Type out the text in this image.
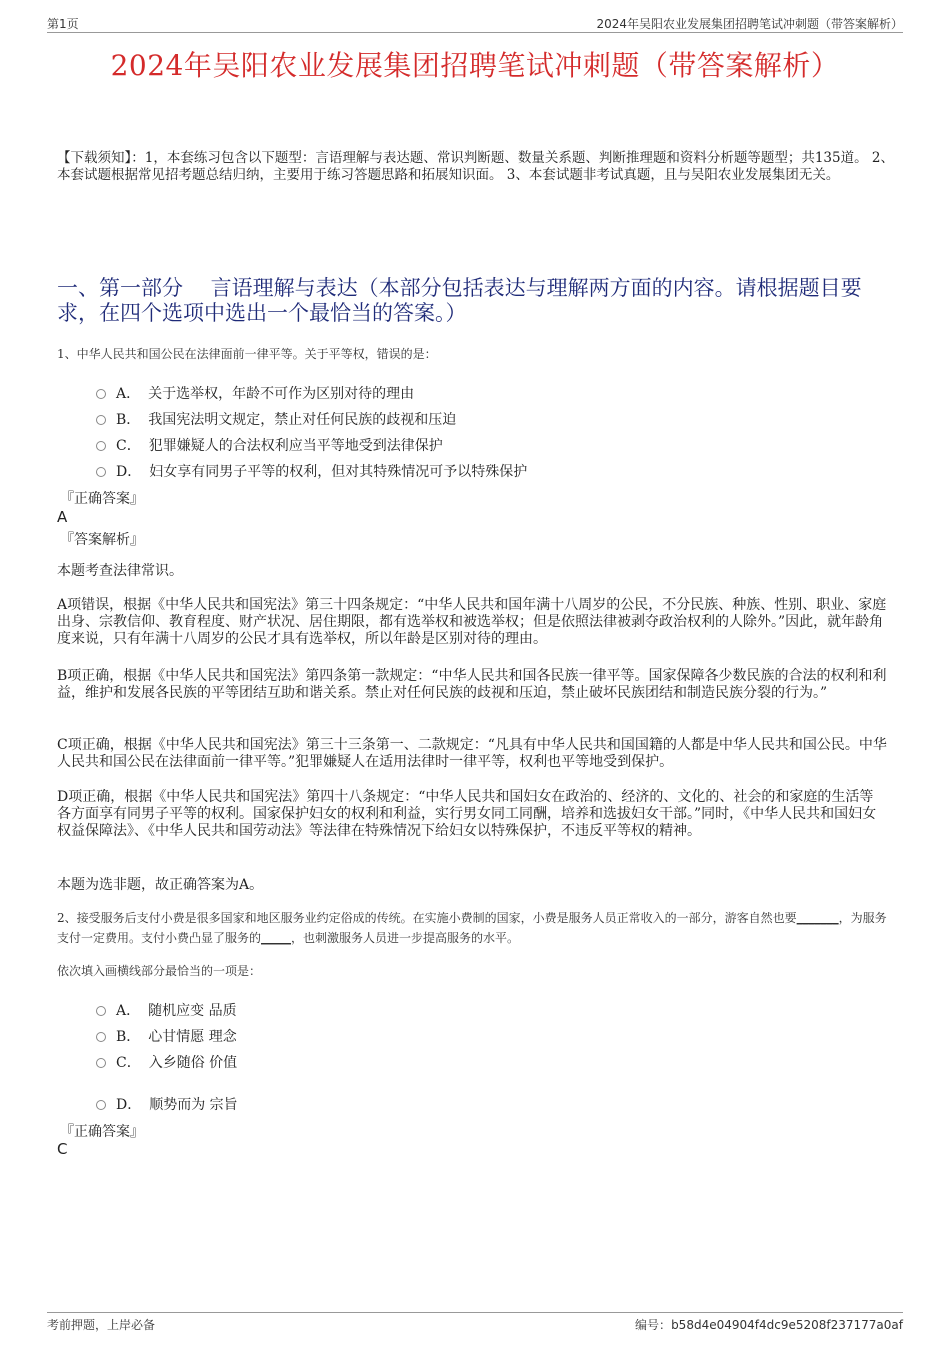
第1页	2024年吴阳农业发展集团招聘笔试冲刺题（带答案解析）
2024年吴阳农业发展集团招聘笔试冲刺题（带答案解析）
【下载须知】：1，本套练习包含以下题型：言语理解与表达题、常识判断题、数量关系题、判断推理题和资料分析题等题型；共135道。 2、本套试题根据常见招考题总结归纳，主要用于练习答题思路和拓展知识面。 3、本套试题非考试真题，且与吴阳农业发展集团无关。
一、第一部分　 言语理解与表达（本部分包括表达与理解两方面的内容。请根据题目要求，在四个选项中选出一个最恰当的答案。）
1、中华人民共和国公民在法律面前一律平等。关于平等权，错误的是：
A． 关于选举权，年龄不可作为区别对待的理由
B． 我国宪法明文规定，禁止对任何民族的歧视和压迫
C． 犯罪嫌疑人的合法权利应当平等地受到法律保护
D． 妇女享有同男子平等的权利，但对其特殊情况可予以特殊保护
『正确答案』
A
『答案解析』
本题考查法律常识。
A项错误，根据《中华人民共和国宪法》第三十四条规定：“中华人民共和国年满十八周岁的公民，不分民族、种族、性别、职业、家庭出身、宗教信仰、教育程度、财产状况、居住期限，都有选举权和被选举权；但是依照法律被剥夺政治权利的人除外。”因此，就年龄角度来说，只有年满十八周岁的公民才具有选举权，所以年龄是区别对待的理由。
B项正确，根据《中华人民共和国宪法》第四条第一款规定：“中华人民共和国各民族一律平等。国家保障各少数民族的合法的权利和利益，维护和发展各民族的平等团结互助和谐关系。禁止对任何民族的歧视和压迫，禁止破坏民族团结和制造民族分裂的行为。”
C项正确，根据《中华人民共和国宪法》第三十三条第一、二款规定：“凡具有中华人民共和国国籍的人都是中华人民共和国公民。中华人民共和国公民在法律面前一律平等。”犯罪嫌疑人在适用法律时一律平等，权利也平等地受到保护。
D项正确，根据《中华人民共和国宪法》第四十八条规定：“中华人民共和国妇女在政治的、经济的、文化的、社会的和家庭的生活等各方面享有同男子平等的权利。国家保护妇女的权利和利益，实行男女同工同酬，培养和选拔妇女干部。”同时，《中华人民共和国妇女权益保障法》、《中华人民共和国劳动法》等法律在特殊情况下给妇女以特殊保护，不违反平等权的精神。
本题为选非题，故正确答案为A。
2、接受服务后支付小费是很多国家和地区服务业约定俗成的传统。在实施小费制的国家，小费是服务人员正常收入的一部分，游客自然也要_______，为服务支付一定费用。支付小费凸显了服务的_____，也刺激服务人员进一步提高服务的水平。
依次填入画横线部分最恰当的一项是：
A． 随机应变 品质
B． 心甘情愿 理念
C． 入乡随俗 价值
D． 顺势而为 宗旨
『正确答案』
C
考前押题，上岸必备	编号：b58d4e04904f4dc9e5208f237177a0af
